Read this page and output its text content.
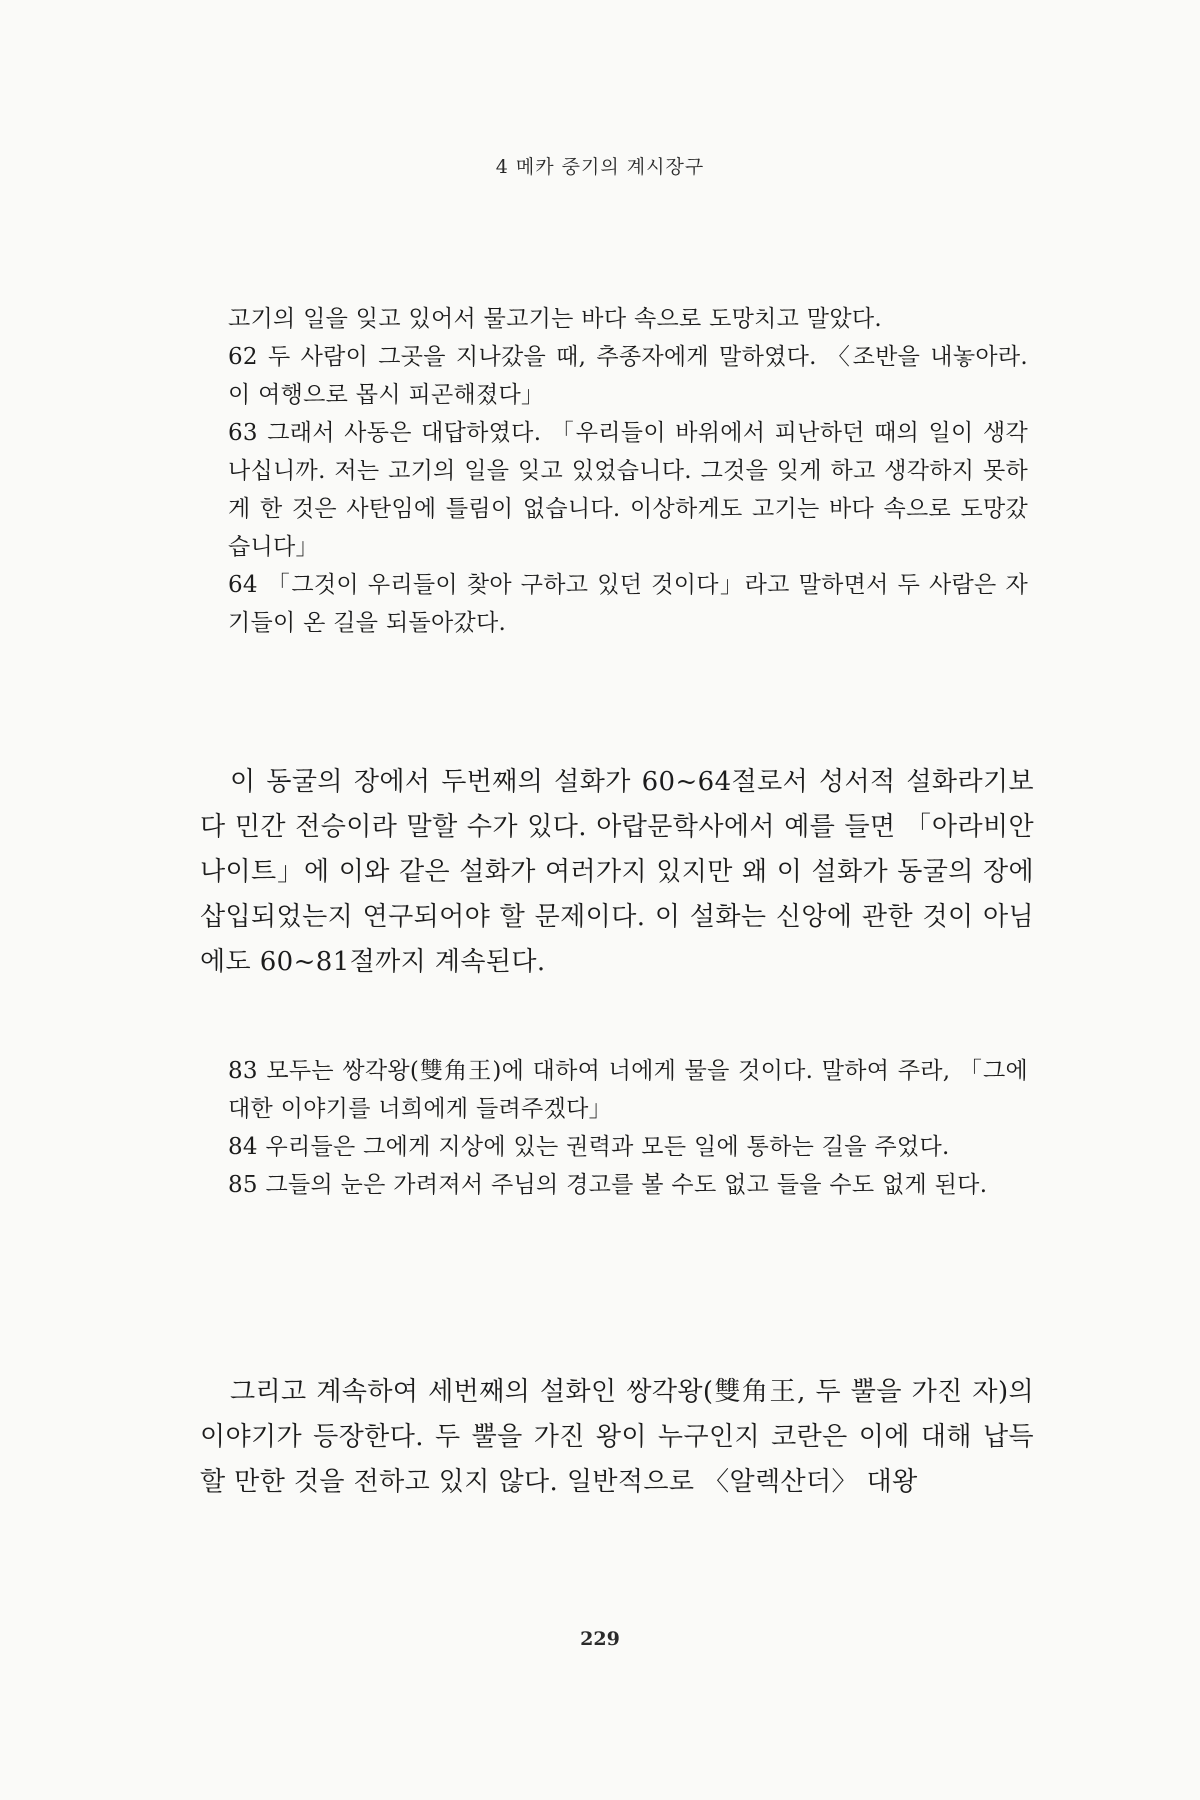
4 메카 중기의 계시장구

고기의 일을 잊고 있어서 물고기는 바다 속으로 도망치고 말았다.

62 두 사람이 그곳을 지나갔을 때, 추종자에게 말하였다. 〈조반을 내놓아라. 이 여행으로 몹시 피곤해졌다」

63 그래서 사동은 대답하였다. 「우리들이 바위에서 피난하던 때의 일이 생각나십니까. 저는 고기의 일을 잊고 있었습니다. 그것을 잊게 하고 생각하지 못하게 한 것은 사탄임에 틀림이 없습니다. 이상하게도 고기는 바다 속으로 도망갔습니다」

64 「그것이 우리들이 찾아 구하고 있던 것이다」라고 말하면서 두 사람은 자기들이 온 길을 되돌아갔다.

이 동굴의 장에서 두번째의 설화가 60~64절로서 성서적 설화라기보다 민간 전승이라 말할 수가 있다. 아랍문학사에서 예를 들면 「아라비안 나이트」에 이와 같은 설화가 여러가지 있지만 왜 이 설화가 동굴의 장에 삽입되었는지 연구되어야 할 문제이다. 이 설화는 신앙에 관한 것이 아님에도 60~81절까지 계속된다.

83 모두는 쌍각왕(雙角王)에 대하여 너에게 물을 것이다. 말하여 주라, 「그에 대한 이야기를 너희에게 들려주겠다」

84 우리들은 그에게 지상에 있는 권력과 모든 일에 통하는 길을 주었다.

85 그들의 눈은 가려져서 주님의 경고를 볼 수도 없고 들을 수도 없게 된다.

그리고 계속하여 세번째의 설화인 쌍각왕(雙角王, 두 뿔을 가진 자)의 이야기가 등장한다. 두 뿔을 가진 왕이 누구인지 코란은 이에 대해 납득할 만한 것을 전하고 있지 않다. 일반적으로 〈알렉산더〉 대왕

229
